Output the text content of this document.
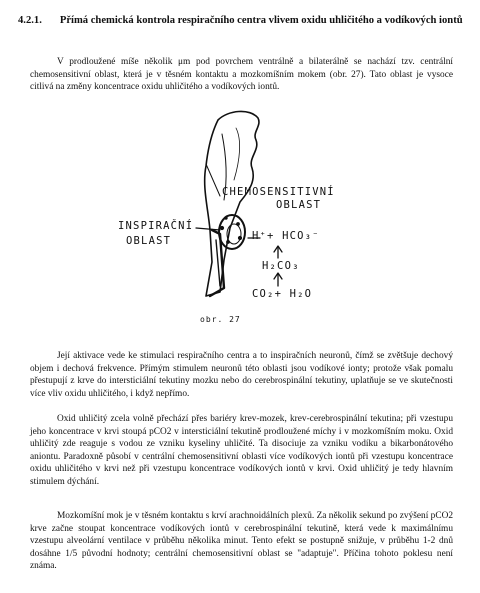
4.2.1. Přímá chemická kontrola respiračního centra vlivem oxidu uhličitého a vodíkových iontů

V prodloužené míše několik μm pod povrchem ventrálně a bilaterálně se nachází tzv. centrální chemosensitivní oblast, která je v těsném kontaktu a mozkomíšním mokem (obr. 27). Tato oblast je vysoce citlivá na změny koncentrace oxidu uhličitého a vodíkových iontů.

CHEMOSENSITIVNÍ
OBLAST
INSPIRAČNÍ
OBLAST	H⁺+ HCO₃⁻
H₂CO₃
CO₂+ H₂O
obr. 27

Její aktivace vede ke stimulaci respiračního centra a to inspiračních neuronů, čímž se zvětšuje dechový objem i dechová frekvence. Přímým stimulem neuronů této oblasti jsou vodíkové ionty; protože však pomalu přestupují z krve do intersticiální tekutiny mozku nebo do cerebrospinální tekutiny, uplatňuje se ve skutečnosti více vliv oxidu uhličitého, i když nepřímo.

Oxid uhličitý zcela volně přechází přes bariéry krev-mozek, krev-cerebrospinální tekutina; při vzestupu jeho koncentrace v krvi stoupá pCO2 v intersticiální tekutině prodloužené míchy i v mozkomíšním moku. Oxid uhličitý zde reaguje s vodou ze vzniku kyseliny uhličité. Ta disociuje za vzniku vodíku a bikarbonátového aniontu. Paradoxně působí v centrální chemosensitivní oblasti více vodíkových iontů při vzestupu koncentrace oxidu uhličitého v krvi než při vzestupu koncentrace vodíkových iontů v krvi. Oxid uhličitý je tedy hlavním stimulem dýchání.

Mozkomíšní mok je v těsném kontaktu s krví arachnoidálních plexů. Za několik sekund po zvýšení pCO2 krve začne stoupat koncentrace vodíkových iontů v cerebrospinální tekutině, která vede k maximálnímu vzestupu alveolární ventilace v průběhu několika minut. Tento efekt se postupně snižuje, v průběhu 1-2 dnů dosáhne 1/5 původní hodnoty; centrální chemosensitivní oblast se "adaptuje". Příčina tohoto poklesu není známa.
